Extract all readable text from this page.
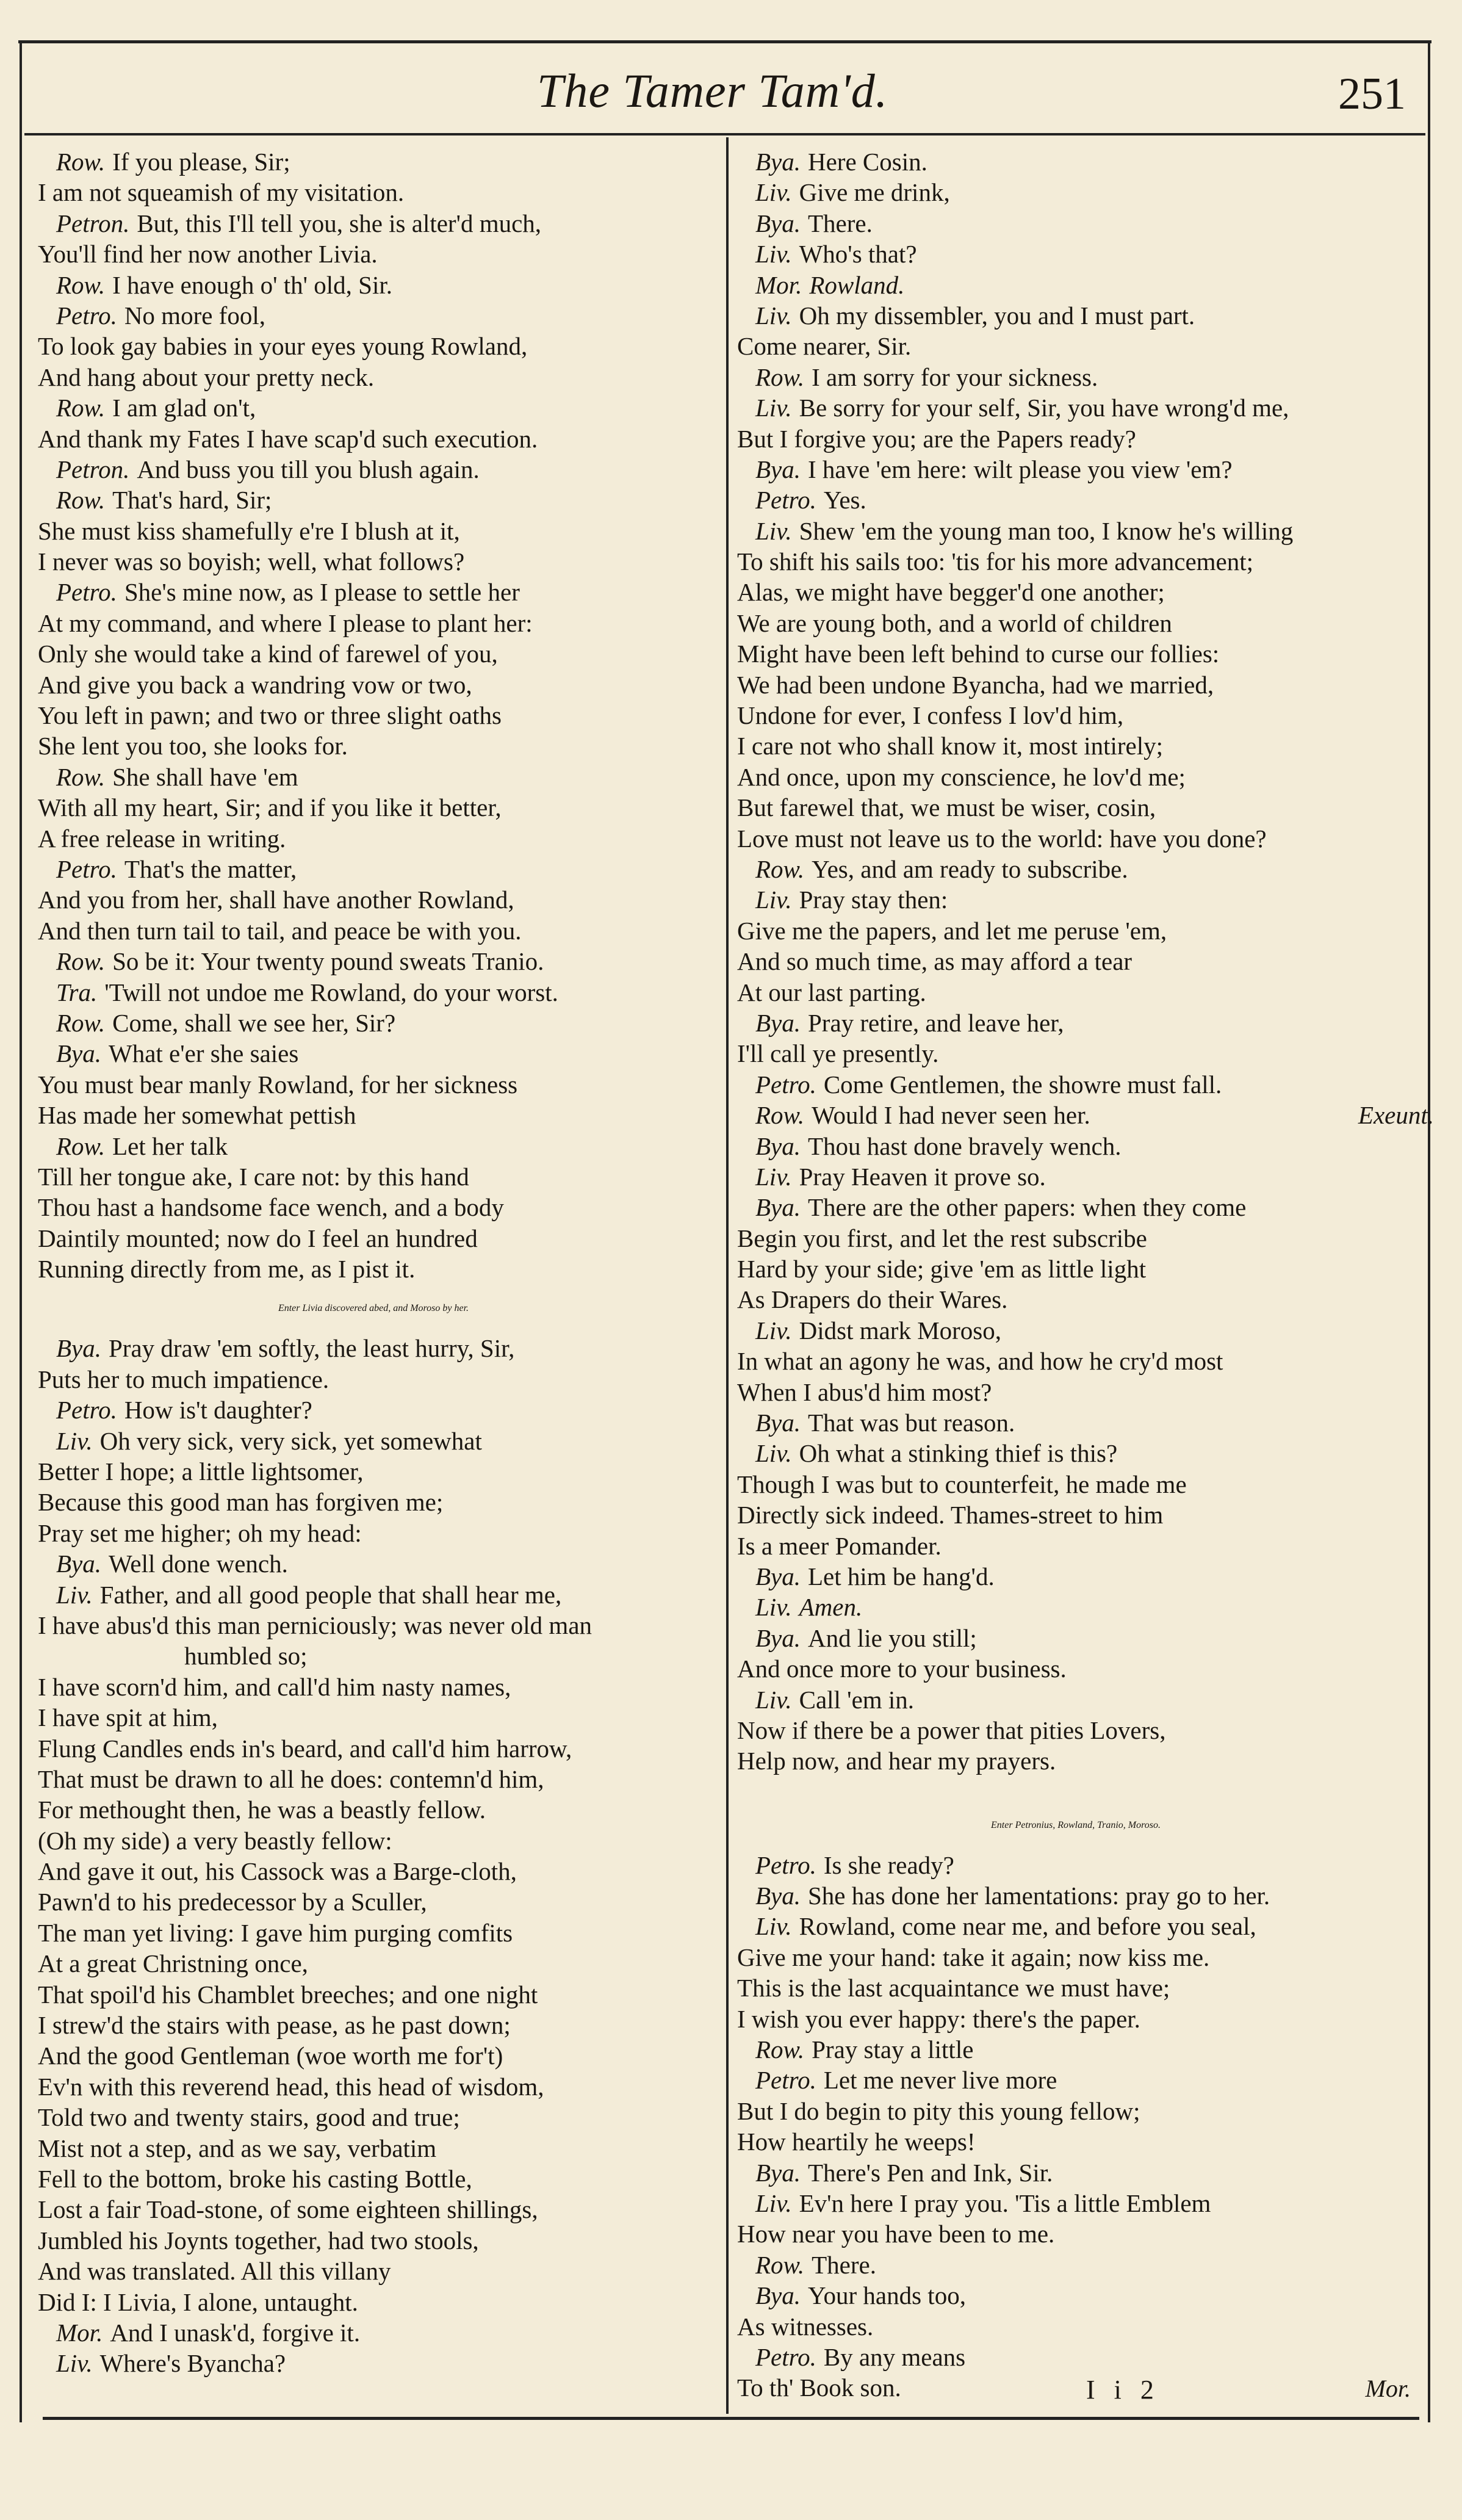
The Tamer Tam'd.	251
Row. If you please, Sir;
I am not squeamish of my visitation.
Petron. But, this I'll tell you, she is alter'd much,
You'll find her now another Livia.
Row. I have enough o' th' old, Sir.
Petro. No more fool,
To look gay babies in your eyes young Rowland,
And hang about your pretty neck.
Row. I am glad on't,
And thank my Fates I have scap'd such execution.
Petron. And buss you till you blush again.
Row. That's hard, Sir;
She must kiss shamefully e're I blush at it,
I never was so boyish; well, what follows?
Petro. She's mine now, as I please to settle her
At my command, and where I please to plant her:
Only she would take a kind of farewel of you,
And give you back a wandring vow or two,
You left in pawn; and two or three slight oaths
She lent you too, she looks for.
Row. She shall have 'em
With all my heart, Sir; and if you like it better,
A free release in writing.
Petro. That's the matter,
And you from her, shall have another Rowland,
And then turn tail to tail, and peace be with you.
Row. So be it: Your twenty pound sweats Tranio.
Tra. 'Twill not undoe me Rowland, do your worst.
Row. Come, shall we see her, Sir?
Bya. What e'er she saies
You must bear manly Rowland, for her sickness
Has made her somewhat pettish
Row. Let her talk
Till her tongue ake, I care not: by this hand
Thou hast a handsome face wench, and a body
Daintily mounted; now do I feel an hundred
Running directly from me, as I pist it.
Enter Livia discovered abed, and Moroso by her.
Bya. Pray draw 'em softly, the least hurry, Sir,
Puts her to much impatience.
Petro. How is't daughter?
Liv. Oh very sick, very sick, yet somewhat
Better I hope; a little lightsomer,
Because this good man has forgiven me;
Pray set me higher; oh my head:
Bya. Well done wench.
Liv. Father, and all good people that shall hear me,
I have abus'd this man perniciously; was never old man
humbled so;
I have scorn'd him, and call'd him nasty names,
I have spit at him,
Flung Candles ends in's beard, and call'd him harrow,
That must be drawn to all he does: contemn'd him,
For methought then, he was a beastly fellow.
(Oh my side) a very beastly fellow:
And gave it out, his Cassock was a Barge-cloth,
Pawn'd to his predecessor by a Sculler,
The man yet living: I gave him purging comfits
At a great Christning once,
That spoil'd his Chamblet breeches; and one night
I strew'd the stairs with pease, as he past down;
And the good Gentleman (woe worth me for't)
Ev'n with this reverend head, this head of wisdom,
Told two and twenty stairs, good and true;
Mist not a step, and as we say, verbatim
Fell to the bottom, broke his casting Bottle,
Lost a fair Toad-stone, of some eighteen shillings,
Jumbled his Joynts together, had two stools,
And was translated. All this villany
Did I: I Livia, I alone, untaught.
Mor. And I unask'd, forgive it.
Liv. Where's Byancha?
Bya. Here Cosin.
Liv. Give me drink,
Bya. There.
Liv. Who's that?
Mor. Rowland.
Liv. Oh my dissembler, you and I must part.
Come nearer, Sir.
Row. I am sorry for your sickness.
Liv. Be sorry for your self, Sir, you have wrong'd me,
But I forgive you; are the Papers ready?
Bya. I have 'em here: wilt please you view 'em?
Petro. Yes.
Liv. Shew 'em the young man too, I know he's willing
To shift his sails too: 'tis for his more advancement;
Alas, we might have begger'd one another;
We are young both, and a world of children
Might have been left behind to curse our follies:
We had been undone Byancha, had we married,
Undone for ever, I confess I lov'd him,
I care not who shall know it, most intirely;
And once, upon my conscience, he lov'd me;
But farewel that, we must be wiser, cosin,
Love must not leave us to the world: have you done?
Row. Yes, and am ready to subscribe.
Liv. Pray stay then:
Give me the papers, and let me peruse 'em,
And so much time, as may afford a tear
At our last parting.
Bya. Pray retire, and leave her,
I'll call ye presently.
Petro. Come Gentlemen, the showre must fall.
Row. Would I had never seen her.	Exeunt.
Bya. Thou hast done bravely wench.
Liv. Pray Heaven it prove so.
Bya. There are the other papers: when they come
Begin you first, and let the rest subscribe
Hard by your side; give 'em as little light
As Drapers do their Wares.
Liv. Didst mark Moroso,
In what an agony he was, and how he cry'd most
When I abus'd him most?
Bya. That was but reason.
Liv. Oh what a stinking thief is this?
Though I was but to counterfeit, he made me
Directly sick indeed. Thames-street to him
Is a meer Pomander.
Bya. Let him be hang'd.
Liv. Amen.
Bya. And lie you still;
And once more to your business.
Liv. Call 'em in.
Now if there be a power that pities Lovers,
Help now, and hear my prayers.
Enter Petronius, Rowland, Tranio, Moroso.
Petro. Is she ready?
Bya. She has done her lamentations: pray go to her.
Liv. Rowland, come near me, and before you seal,
Give me your hand: take it again; now kiss me.
This is the last acquaintance we must have;
I wish you ever happy: there's the paper.
Row. Pray stay a little
Petro. Let me never live more
But I do begin to pity this young fellow;
How heartily he weeps!
Bya. There's Pen and Ink, Sir.
Liv. Ev'n here I pray you. 'Tis a little Emblem
How near you have been to me.
Row. There.
Bya. Your hands too,
As witnesses.
Petro. By any means
To th' Book son.	I i 2	Mor.
